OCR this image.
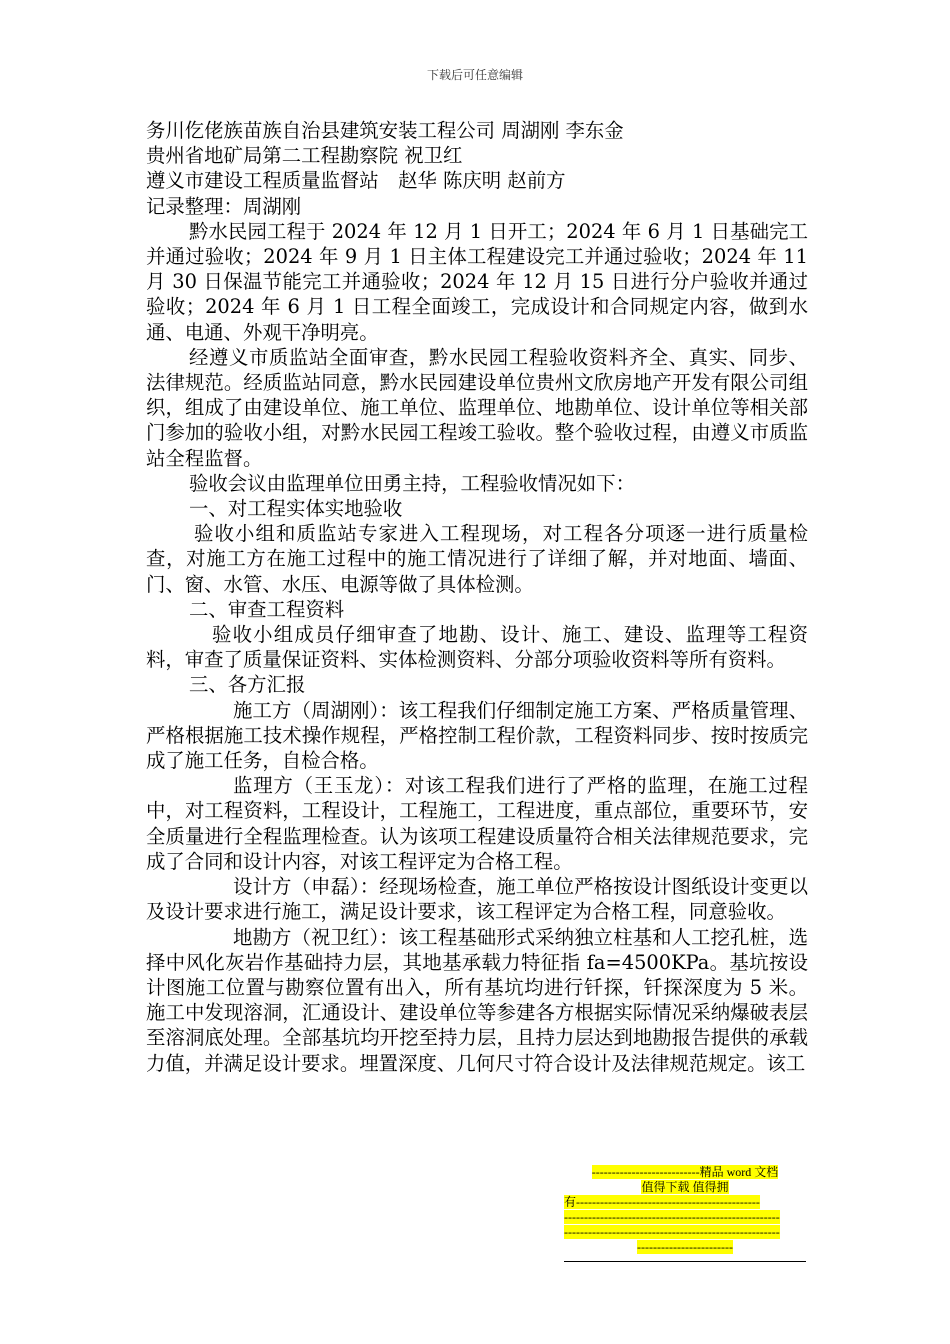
下载后可任意编辑

务川仡佬族苗族自治县建筑安装工程公司 周湖刚 李东金

贵州省地矿局第二工程勘察院 祝卫红

遵义市建设工程质量监督站　赵华 陈庆明 赵前方

记录整理：周湖刚

黔水民园工程于 2024 年 12 月 1 日开工；2024 年 6 月 1 日基础完工并通过验收；2024 年 9 月 1 日主体工程建设完工并通过验收；2024 年 11 月 30 日保温节能完工并通验收；2024 年 12 月 15 日进行分户验收并通过验收；2024 年 6 月 1 日工程全面竣工，完成设计和合同规定内容，做到水通、电通、外观干净明亮。

经遵义市质监站全面审查，黔水民园工程验收资料齐全、真实、同步、法律规范。经质监站同意，黔水民园建设单位贵州文欣房地产开发有限公司组织，组成了由建设单位、施工单位、监理单位、地勘单位、设计单位等相关部门参加的验收小组，对黔水民园工程竣工验收。整个验收过程，由遵义市质监站全程监督。

验收会议由监理单位田勇主持，工程验收情况如下：

一、对工程实体实地验收

验收小组和质监站专家进入工程现场，对工程各分项逐一进行质量检查，对施工方在施工过程中的施工情况进行了详细了解，并对地面、墙面、门、窗、水管、水压、电源等做了具体检测。

二、审查工程资料

验收小组成员仔细审查了地勘、设计、施工、建设、监理等工程资料，审查了质量保证资料、实体检测资料、分部分项验收资料等所有资料。

三、各方汇报

施工方（周湖刚）：该工程我们仔细制定施工方案、严格质量管理、严格根据施工技术操作规程，严格控制工程价款，工程资料同步、按时按质完成了施工任务，自检合格。

监理方（王玉龙）：对该工程我们进行了严格的监理，在施工过程中，对工程资料，工程设计，工程施工，工程进度，重点部位，重要环节，安全质量进行全程监理检查。认为该项工程建设质量符合相关法律规范要求，完成了合同和设计内容，对该工程评定为合格工程。

设计方（申磊）：经现场检查，施工单位严格按设计图纸设计变更以及设计要求进行施工，满足设计要求，该工程评定为合格工程，同意验收。

地勘方（祝卫红）：该工程基础形式采纳独立柱基和人工挖孔桩，选择中风化灰岩作基础持力层，其地基承载力特征指 fa=4500KPa。基坑按设计图施工位置与勘察位置有出入，所有基坑均进行钎探，钎探深度为 5 米。施工中发现溶洞，汇通设计、建设单位等参建各方根据实际情况采纳爆破表层至溶洞底处理。全部基坑均开挖至持力层，且持力层达到地勘报告提供的承载力值，并满足设计要求。埋置深度、几何尺寸符合设计及法律规范规定。该工

---------------------------精品 word 文档
值得下载 值得拥
有----------------------------------------------
------------------------------------------------------
------------------------------------------------------
------------------------
